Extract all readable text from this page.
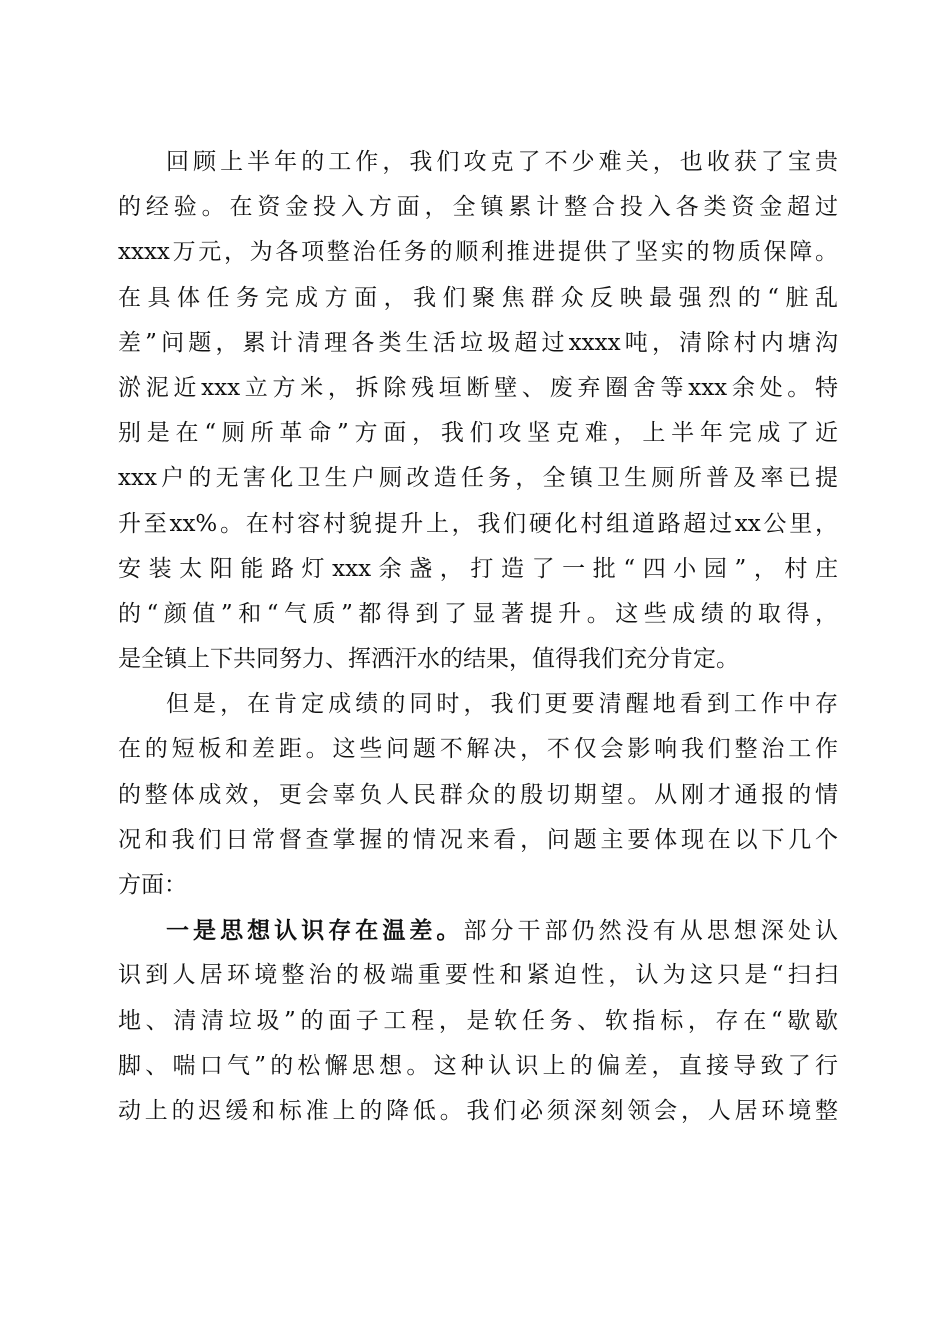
回顾上半年的工作，我们攻克了不少难关，也收获了宝贵
的经验。在资金投入方面，全镇累计整合投入各类资金超过
xxxx万元，为各项整治任务的顺利推进提供了坚实的物质保障。
在具体任务完成方面，我们聚焦群众反映最强烈的“脏乱
差”问题，累计清理各类生活垃圾超过xxxx吨，清除村内塘沟
淤泥近xxx立方米，拆除残垣断壁、废弃圈舍等xxx余处。特
别是在“厕所革命”方面，我们攻坚克难，上半年完成了近
xxx户的无害化卫生户厕改造任务，全镇卫生厕所普及率已提
升至xx%。在村容村貌提升上，我们硬化村组道路超过xx公里，
安装太阳能路灯xxx余盏，打造了一批“四小园”，村庄
的“颜值”和“气质”都得到了显著提升。这些成绩的取得，
是全镇上下共同努力、挥洒汗水的结果，值得我们充分肯定。
但是，在肯定成绩的同时，我们更要清醒地看到工作中存
在的短板和差距。这些问题不解决，不仅会影响我们整治工作
的整体成效，更会辜负人民群众的殷切期望。从刚才通报的情
况和我们日常督查掌握的情况来看，问题主要体现在以下几个
方面：
一是思想认识存在温差。部分干部仍然没有从思想深处认
识到人居环境整治的极端重要性和紧迫性，认为这只是“扫扫
地、清清垃圾”的面子工程，是软任务、软指标，存在“歇歇
脚、喘口气”的松懈思想。这种认识上的偏差，直接导致了行
动上的迟缓和标准上的降低。我们必须深刻领会，人居环境整
